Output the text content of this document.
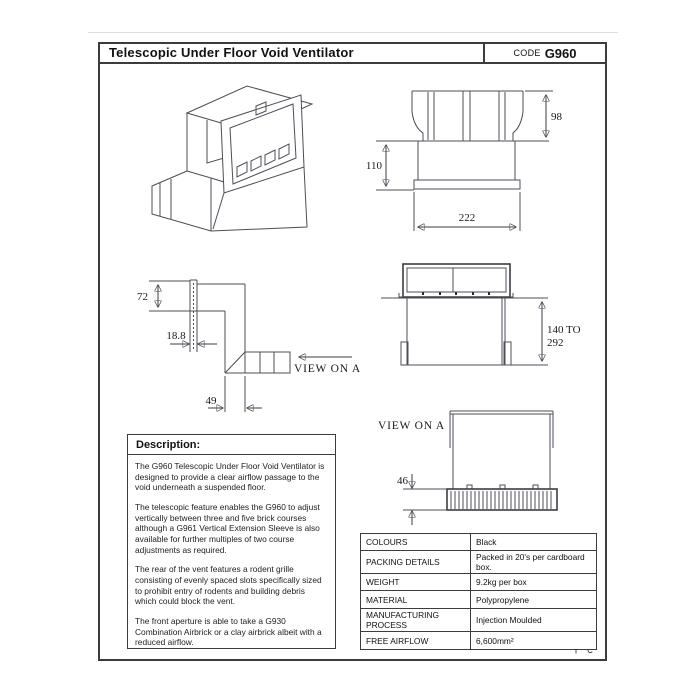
Telescopic Under Floor Void Ventilator	CODE G960
98
110
222
72
18.8
49
VIEW ON A
140 TO
292
VIEW ON A
46
Description:

The G960 Telescopic Under Floor Void Ventilator is designed to provide a clear airflow passage to the void underneath a suspended floor.

The telescopic feature enables the G960 to adjust vertically between three and five brick courses although a G961 Vertical Extension Sleeve is also available for further multiples of two course adjustments as required.

The rear of the vent features a rodent grille consisting of evenly spaced slots specifically sized to prohibit entry of rodents and building debris which could block the vent.

The front aperture is able to take a G930 Combination Airbrick or a clay airbrick albeit with a reduced airflow.

COLOURS	Black
PACKING DETAILS	Packed in 20's per cardboard box.
WEIGHT	9.2kg per box
MATERIAL	Polypropylene
MANUFACTURING PROCESS	Injection Moulded
FREE AIRFLOW	6,600mm²
